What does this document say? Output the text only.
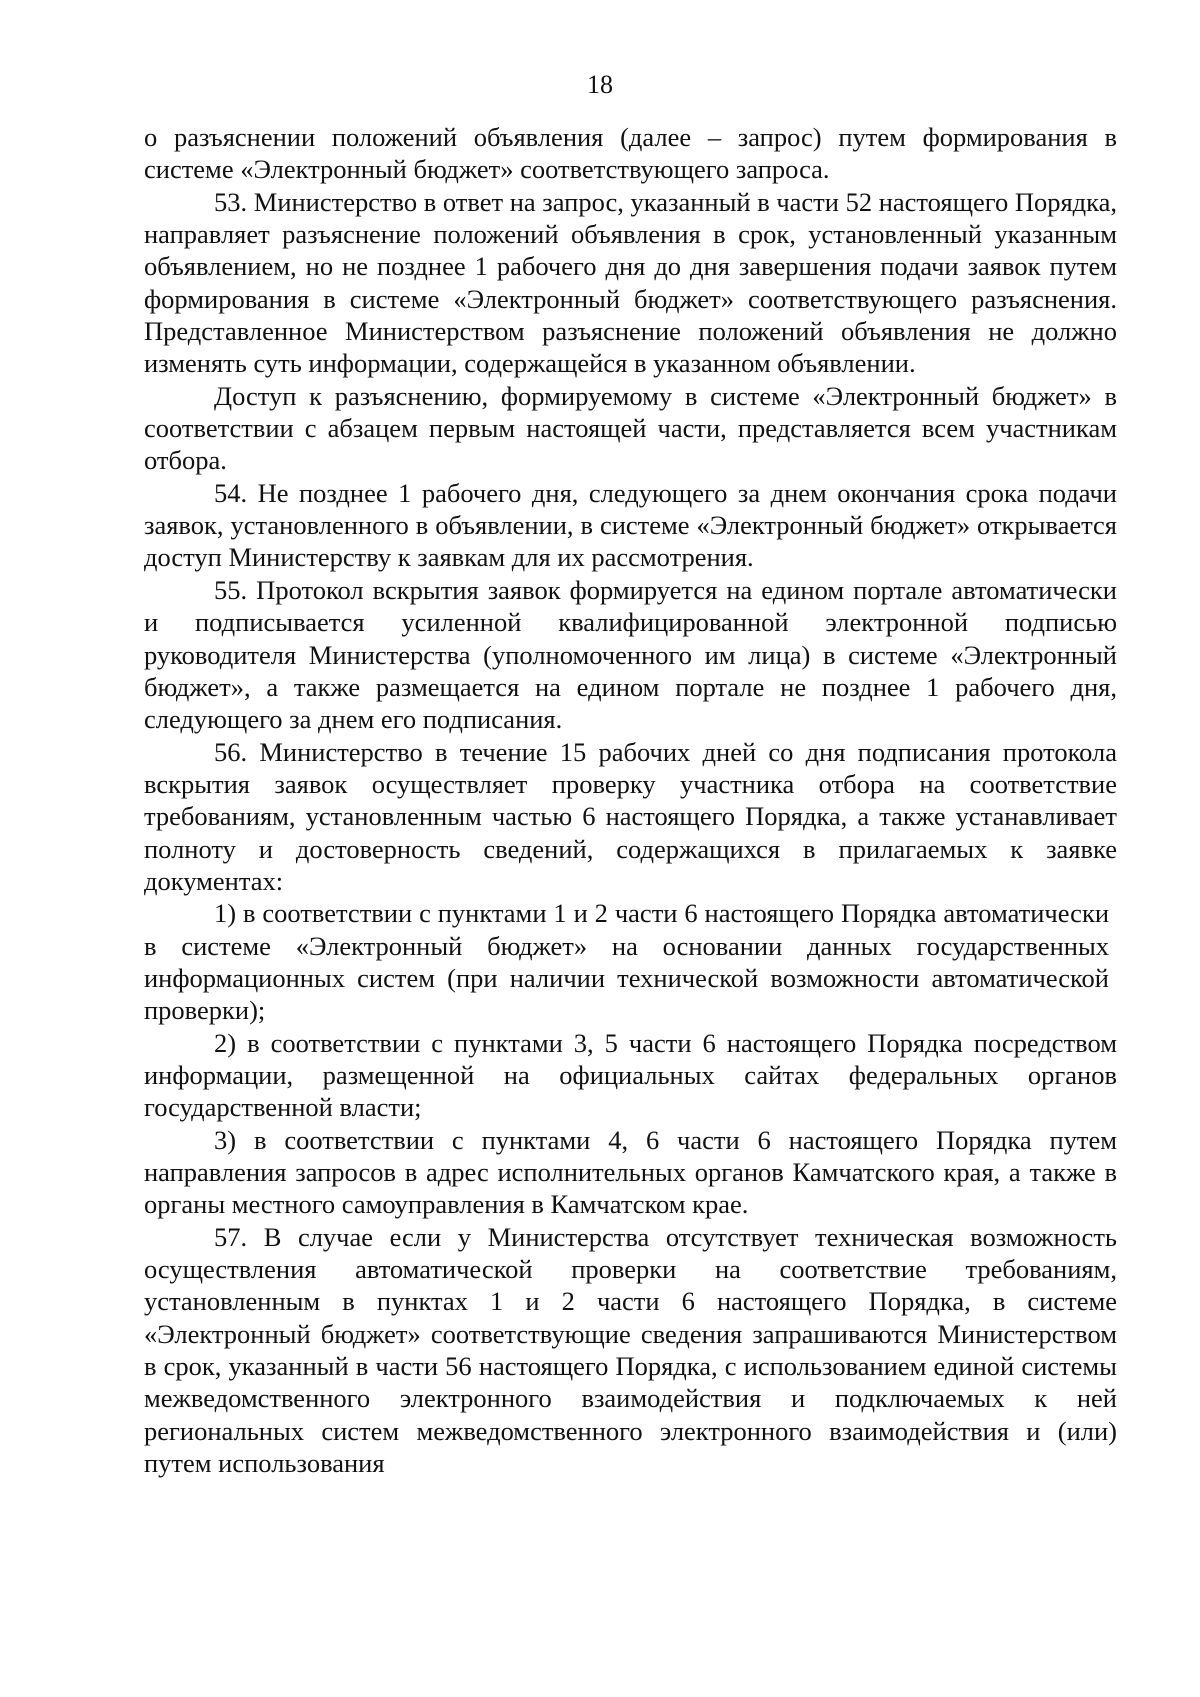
18

о разъяснении положений объявления (далее – запрос) путем формирования в системе «Электронный бюджет» соответствующего запроса.

53. Министерство в ответ на запрос, указанный в части 52 настоящего Порядка, направляет разъяснение положений объявления в срок, установленный указанным объявлением, но не позднее 1 рабочего дня до дня завершения подачи заявок путем формирования в системе «Электронный бюджет» соответствующего разъяснения. Представленное Министерством разъяснение положений объявления не должно изменять суть информации, содержащейся в указанном объявлении.

Доступ к разъяснению, формируемому в системе «Электронный бюджет» в соответствии с абзацем первым настоящей части, представляется всем участникам отбора.

54. Не позднее 1 рабочего дня, следующего за днем окончания срока подачи заявок, установленного в объявлении, в системе «Электронный бюджет» открывается доступ Министерству к заявкам для их рассмотрения.

55. Протокол вскрытия заявок формируется на едином портале автоматически и подписывается усиленной квалифицированной электронной подписью руководителя Министерства (уполномоченного им лица) в системе «Электронный бюджет», а также размещается на едином портале не позднее 1 рабочего дня, следующего за днем его подписания.

56. Министерство в течение 15 рабочих дней со дня подписания протокола вскрытия заявок осуществляет проверку участника отбора на соответствие требованиям, установленным частью 6 настоящего Порядка, а также устанавливает полноту и достоверность сведений, содержащихся в прилагаемых к заявке документах:

1) в соответствии с пунктами 1 и 2 части 6 настоящего Порядка автоматически в системе «Электронный бюджет» на основании данных государственных информационных систем (при наличии технической возможности автоматической проверки);

2) в соответствии с пунктами 3, 5 части 6 настоящего Порядка посредством информации, размещенной на официальных сайтах федеральных органов государственной власти;

3) в соответствии с пунктами 4, 6 части 6 настоящего Порядка путем направления запросов в адрес исполнительных органов Камчатского края, а также в органы местного самоуправления в Камчатском крае.

57. В случае если у Министерства отсутствует техническая возможность осуществления автоматической проверки на соответствие требованиям, установленным в пунктах 1 и 2 части 6 настоящего Порядка, в системе «Электронный бюджет» соответствующие сведения запрашиваются Министерством в срок, указанный в части 56 настоящего Порядка, с использованием единой системы межведомственного электронного взаимодействия и подключаемых к ней региональных систем межведомственного электронного взаимодействия и (или) путем использования
